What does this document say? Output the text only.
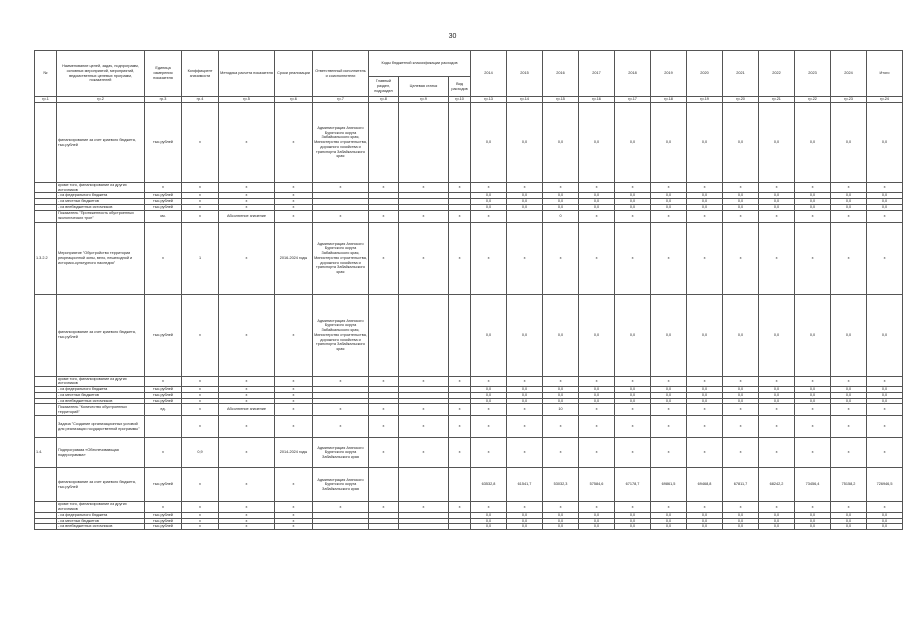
30
№	Наименование целей, задач, подпрограмм, основных мероприятий, мероприятий, ведомственных целевых программ, показателей	Единица измерения показателя	Коэффициент значимости	Методика расчета показателя	Сроки реализации	Ответственный исполнитель и соисполнители	Коды бюджетной классификации расходов			2014	2015	2016	2017	2018	2019	2020	2021	2022	2023	2024	Итого
							Главный раздел, подраздел	Целевая статья	Вид расходов												
гр.1	гр.2	гр.3	гр.4	гр.5	гр.6	гр.7	гр.8	гр.9	гр.10	гр.13	гр.14	гр.15	гр.16	гр.17	гр.18	гр.19	гр.20	гр.21	гр.22	гр.23	гр.24
	финансирование за счет краевого бюджета, тыс.рублей	тыс.рублей	х	х	х	Администрация Агинского Бурятского округа Забайкальского края, Министерство строительства, дорожного хозяйства и транспорта Забайкальского края				0,0	0,0	0,0	0,0	0,0	0,0	0,0	0,0	0,0	0,0	0,0	0,0
	кроме того, финансирование из других источников	х	х	х	х	х	х	х	х	х	х	х	х	х	х	х	х	х	х	х	х
	- из федерального бюджета	тыс.рублей	х	х	х					0,0	0,0	0,0	0,0	0,0	0,0	0,0	0,0	0,0	0,0	0,0	0,0
	- из местных бюджетов	тыс.рублей	х	х	х					0,0	0,0	0,0	0,0	0,0	0,0	0,0	0,0	0,0	0,0	0,0	0,0
	- из внебюджетных источников	тыс.рублей	х	х	х					0,0	0,0	0,0	0,0	0,0	0,0	0,0	0,0	0,0	0,0	0,0	0,0
	Показатель "Протяженность обустроенных экологических троп"	км.	х	Абсолютное значение	х	х	х	х	х	х		0	х	х	х	х	х	х	х	х	х
1.3.2.2	Мероприятие "Обустройство территории рекреационной зоны, вело, пешеходной и историко-культурного наследия"	х	1	х	2016-2024 годы	Администрация Агинского Бурятского округа Забайкальского края, Министерство строительства, дорожного хозяйства и транспорта Забайкальского края	х	х	х	х	х	х	х	х	х	х	х	х	х	х	х
	финансирование за счет краевого бюджета, тыс.рублей	тыс.рублей	х	х	х	Администрация Агинского Бурятского округа Забайкальского края, Министерство строительства, дорожного хозяйства и транспорта Забайкальского края				0,0	0,0	0,0	0,0	0,0	0,0	0,0	0,0	0,0	0,0	0,0	0,0
	кроме того, финансирование из других источников	х	х	х	х	х	х	х	х	х	х	х	х	х	х	х	х	х	х	х	х
	- из федерального бюджета	тыс.рублей	х	х	х					0,0	0,0	0,0	0,0	0,0	0,0	0,0	0,0	0,0	0,0	0,0	0,0
	- из местных бюджетов	тыс.рублей	х	х	х					0,0	0,0	0,0	0,0	0,0	0,0	0,0	0,0	0,0	0,0	0,0	0,0
	- из внебюджетных источников	тыс.рублей	х	х	х					0,0	0,0	0,0	0,0	0,0	0,0	0,0	0,0	0,0	0,0	0,0	0,0
	Показатель "Количество обустроенных территорий"	ед.	х	Абсолютное значение	х	х	х	х	х	х	х	10	х	х	х	х	х	х	х	х	х
	Задача "Создание организационных условий для реализации государственной программы"		х	х	х	х	х	х	х	х	х	х	х	х	х	х	х	х	х	х	х
1.4.	Подпрограмма «Обеспечивающая подпрограмма»	х	0,9	х	2014-2024 годы	Администрация Агинского Бурятского округа Забайкальского края	х	х	х	х	х	х	х	х	х	х	х	х	х	х	х
	финансирование за счет краевого бюджета, тыс.рублей	тыс.рублей	х	х	х	Администрация Агинского Бурятского округа Забайкальского края				63532,8	61541,7	53032,3	57584,6	67178,7	69861,5	69468,8	67811,7	68242,2	73456,4	75158,2	726946,5
	кроме того, финансирование из других источников	х	х	х	х	х	х	х	х	х	х	х	х	х	х	х	х	х	х	х	х
	- из федерального бюджета	тыс.рублей	х	х	х					0,0	0,0	0,0	0,0	0,0	0,0	0,0	0,0	0,0	0,0	0,0	0,0
	- из местных бюджетов	тыс.рублей	х	х	х					0,0	0,0	0,0	0,0	0,0	0,0	0,0	0,0	0,0	0,0	0,0	0,0
	- из внебюджетных источников	тыс.рублей	х	х	х					0,0	0,0	0,0	0,0	0,0	0,0	0,0	0,0	0,0	0,0	0,0	0,0
